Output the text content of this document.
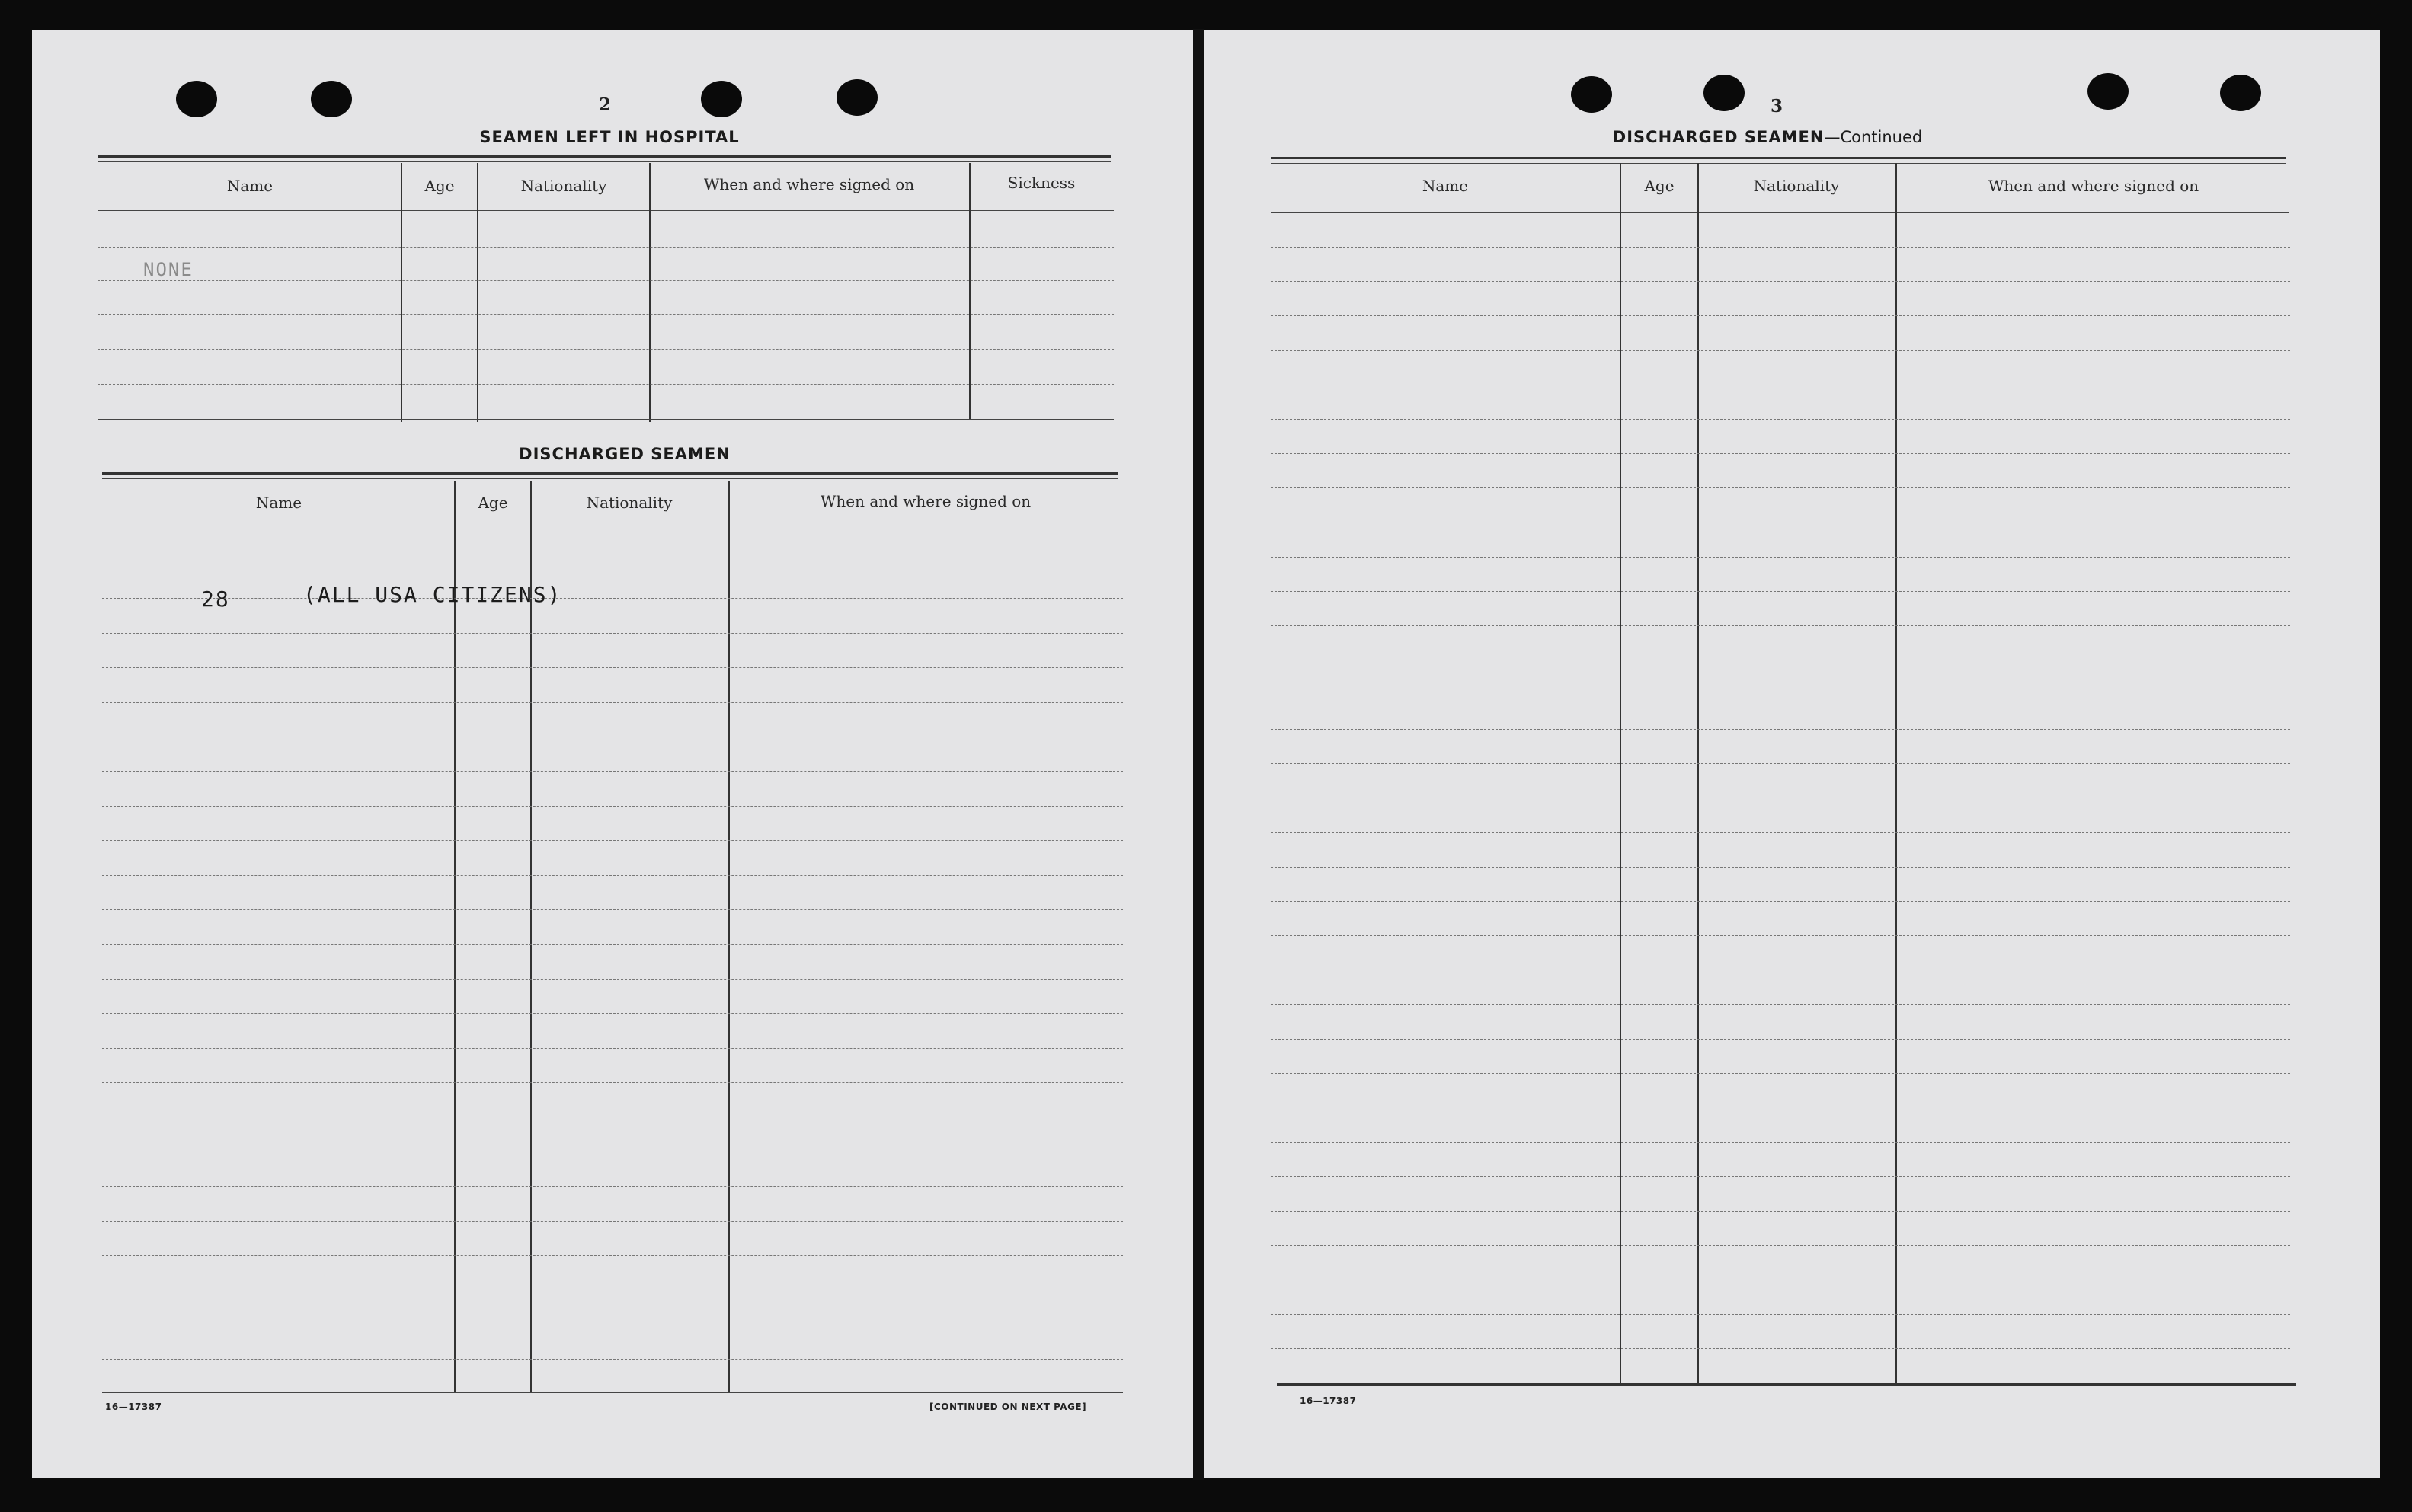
2
SEAMEN LEFT IN HOSPITAL
Name	Age	Nationality	When and where signed on	Sickness
NONE
DISCHARGED SEAMEN
Name	Age	Nationality	When and where signed on
28	(ALL USA CITIZENS)
16—17387	[CONTINUED ON NEXT PAGE]
3
DISCHARGED SEAMEN—Continued
Name	Age	Nationality	When and where signed on
16—17387
